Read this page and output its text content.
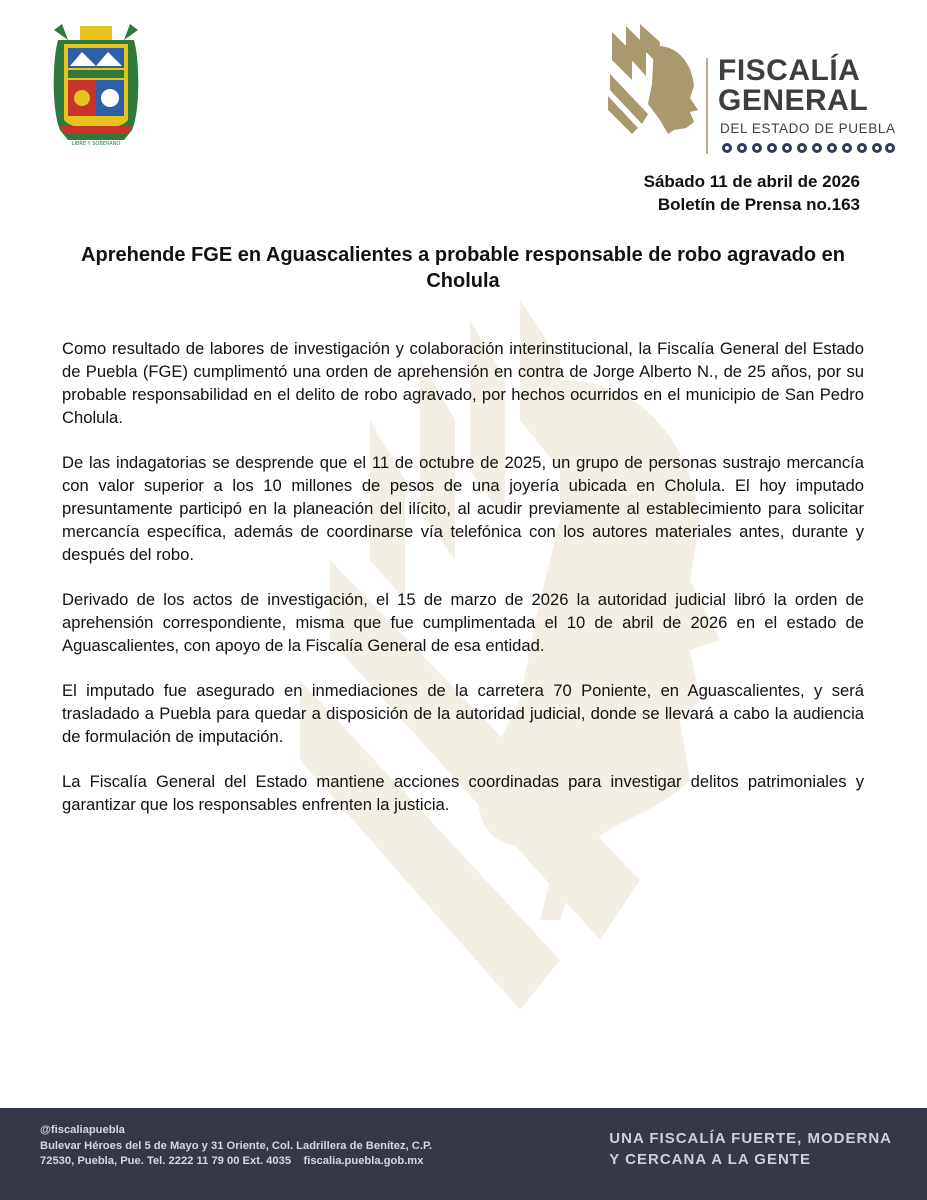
LIBRE Y SOBERANO
FISCALÍA
GENERAL
DEL ESTADO DE PUEBLA
Sábado 11 de abril de 2026
Boletín de Prensa no.163
Aprehende FGE en Aguascalientes a probable responsable de robo agravado en Cholula

Como resultado de labores de investigación y colaboración interinstitucional, la Fiscalía General del Estado de Puebla (FGE) cumplimentó una orden de aprehensión en contra de Jorge Alberto N., de 25 años, por su probable responsabilidad en el delito de robo agravado, por hechos ocurridos en el municipio de San Pedro Cholula.

De las indagatorias se desprende que el 11 de octubre de 2025, un grupo de personas sustrajo mercancía con valor superior a los 10 millones de pesos de una joyería ubicada en Cholula. El hoy imputado presuntamente participó en la planeación del ilícito, al acudir previamente al establecimiento para solicitar mercancía específica, además de coordinarse vía telefónica con los autores materiales antes, durante y después del robo.

Derivado de los actos de investigación, el 15 de marzo de 2026 la autoridad judicial libró la orden de aprehensión correspondiente, misma que fue cumplimentada el 10 de abril de 2026 en el estado de Aguascalientes, con apoyo de la Fiscalía General de esa entidad.

El imputado fue asegurado en inmediaciones de la carretera 70 Poniente, en Aguascalientes, y será trasladado a Puebla para quedar a disposición de la autoridad judicial, donde se llevará a cabo la audiencia de formulación de imputación.

La Fiscalía General del Estado mantiene acciones coordinadas para investigar delitos patrimoniales y garantizar que los responsables enfrenten la justicia.

@fiscaliapuebla
Bulevar Héroes del 5 de Mayo y 31 Oriente, Col. Ladrillera de Benítez, C.P.
72530, Puebla, Pue. Tel. 2222 11 79 00 Ext. 4035    fiscalia.puebla.gob.mx
UNA FISCALÍA FUERTE, MODERNA
Y CERCANA A LA GENTE
